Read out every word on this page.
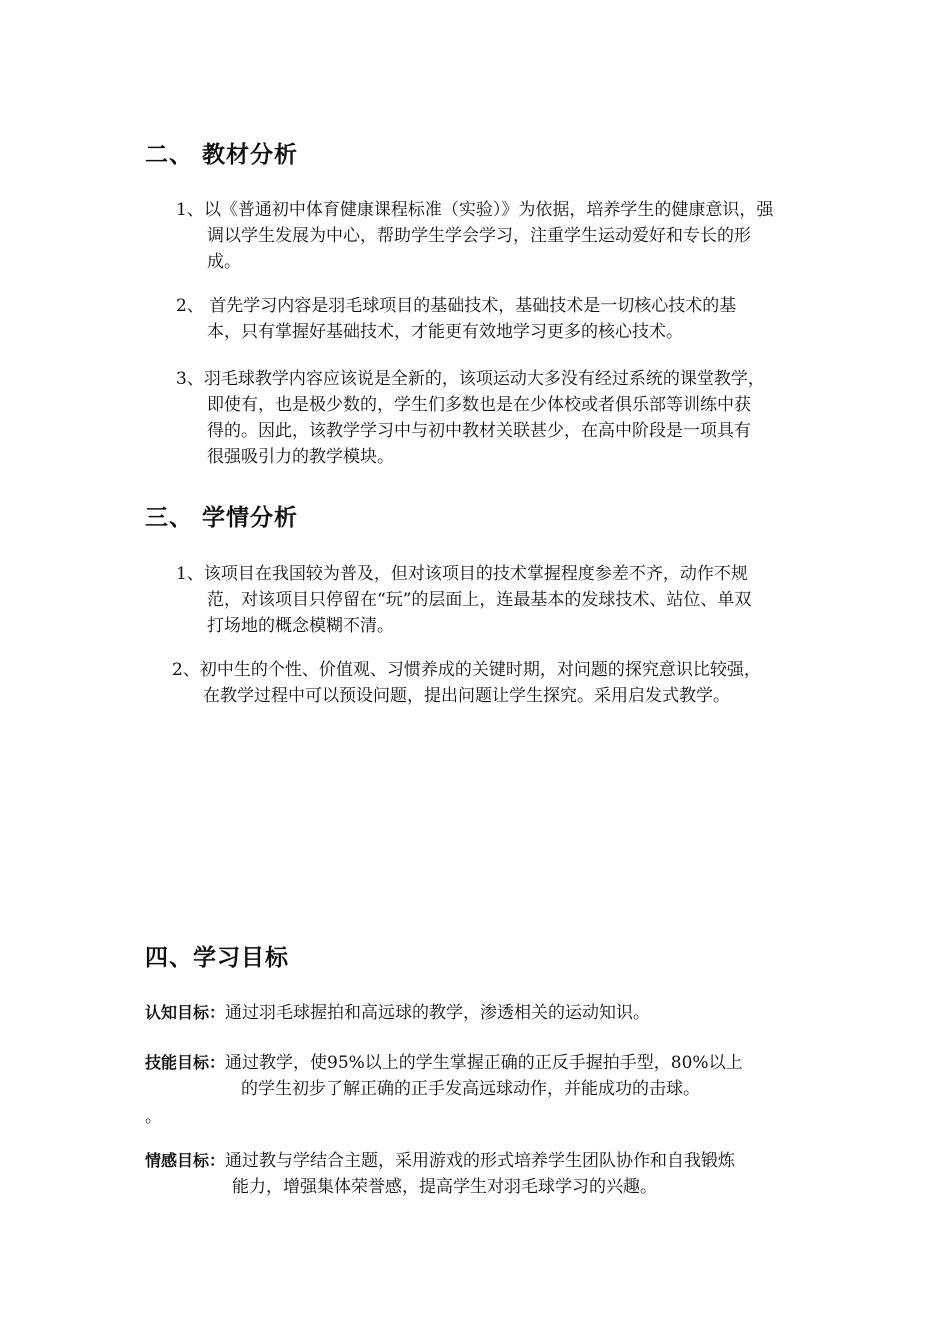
二、 教材分析
1、以《普通初中体育健康课程标准（实验）》为依据，培养学生的健康意识，强
调以学生发展为中心，帮助学生学会学习，注重学生运动爱好和专长的形
成。
2、 首先学习内容是羽毛球项目的基础技术，基础技术是一切核心技术的基
本，只有掌握好基础技术，才能更有效地学习更多的核心技术。
3、羽毛球教学内容应该说是全新的，该项运动大多没有经过系统的课堂教学，
即使有，也是极少数的，学生们多数也是在少体校或者俱乐部等训练中获
得的。因此，该教学学习中与初中教材关联甚少，在高中阶段是一项具有
很强吸引力的教学模块。
三、 学情分析
1、该项目在我国较为普及，但对该项目的技术掌握程度参差不齐，动作不规
范，对该项目只停留在“玩”的层面上，连最基本的发球技术、站位、单双
打场地的概念模糊不清。
2、初中生的个性、价值观、习惯养成的关键时期，对问题的探究意识比较强，
在教学过程中可以预设问题，提出问题让学生探究。采用启发式教学。
四、学习目标
认知目标：通过羽毛球握拍和高远球的教学，渗透相关的运动知识。
技能目标：通过教学，使95%以上的学生掌握正确的正反手握拍手型，80%以上
的学生初步了解正确的正手发高远球动作，并能成功的击球。
。
情感目标：通过教与学结合主题，采用游戏的形式培养学生团队协作和自我锻炼
能力，增强集体荣誉感，提高学生对羽毛球学习的兴趣。
